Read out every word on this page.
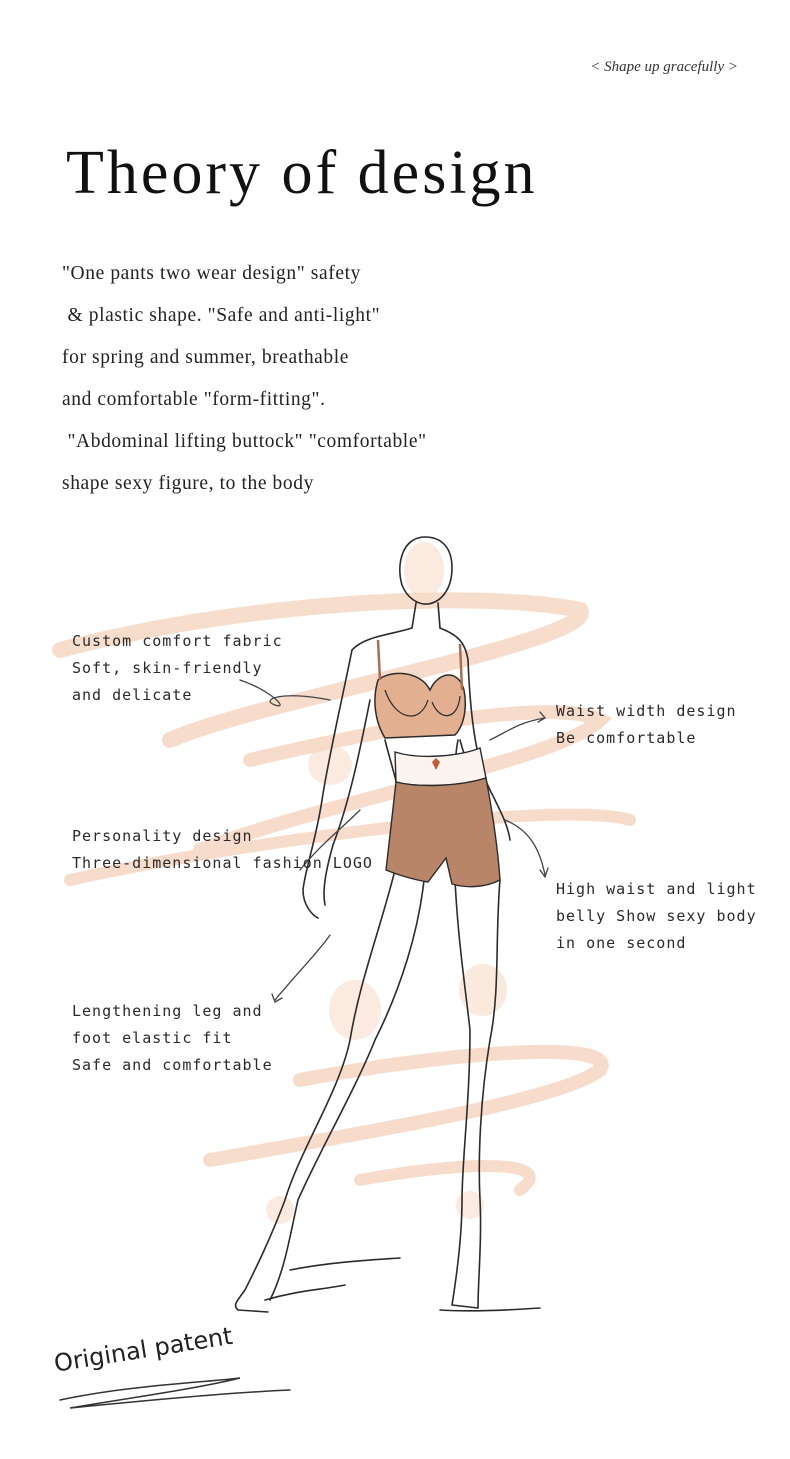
< Shape up gracefully >
Theory of design
"One pants two wear design" safety
& plastic shape. "Safe and anti-light"
for spring and summer, breathable
and comfortable "form-fitting".
"Abdominal lifting buttock" "comfortable"
shape sexy figure, to the body
Custom comfort fabric
Soft, skin-friendly
and delicate
Waist width design
Be comfortable
Personality design
Three-dimensional fashion LOGO
High waist and light
belly Show sexy body
in one second
Lengthening leg and
foot elastic fit
Safe and comfortable
Original patent
